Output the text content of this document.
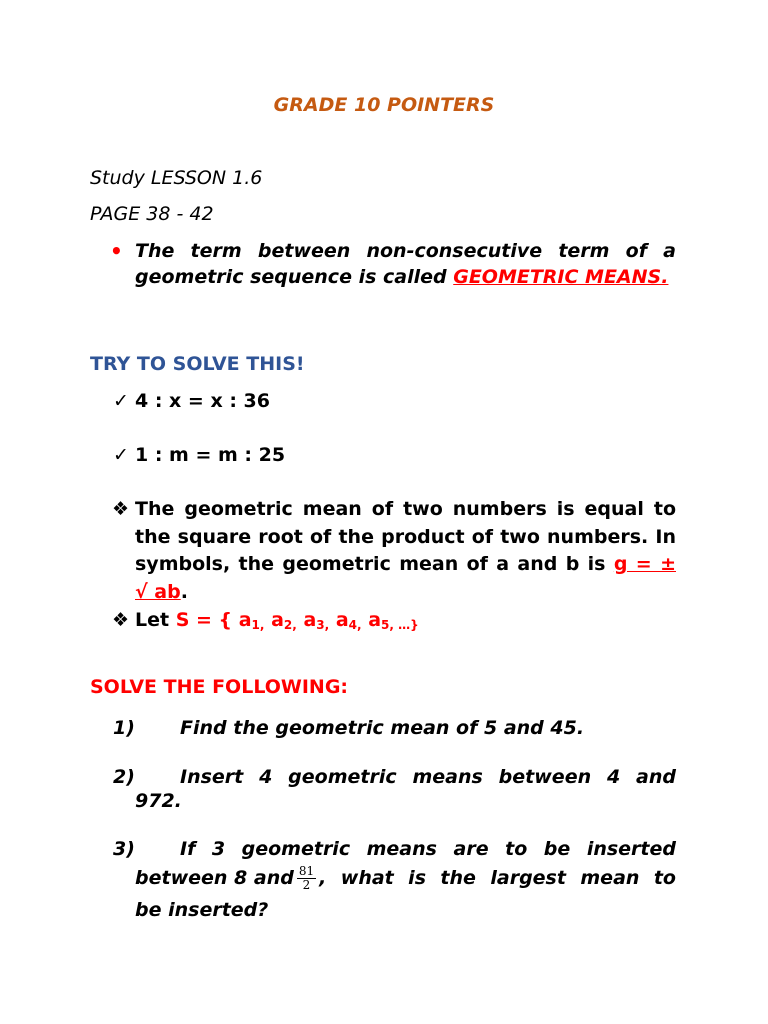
GRADE 10 POINTERS
Study LESSON 1.6
PAGE 38 - 42
• The term between non-consecutive term of a geometric sequence is called GEOMETRIC MEANS.
TRY TO SOLVE THIS!
✓ 4 : x = x : 36
✓ 1 : m = m : 25
❖ The geometric mean of two numbers is equal to the square root of the product of two numbers. In symbols, the geometric mean of a and b is g = ± √ ab.
❖ Let S = { $a_{1,}$ $a_{2,}$ $a_{3,}$ $a_{4,}$ $a_{5, \dots\}}$
SOLVE THE FOLLOWING:
1) Find the geometric mean of 5 and 45.
2) Insert 4 geometric means between 4 and
972.
3) If 3 geometric means are to be inserted
between 8 and $\frac{81}{2}$ , what is the largest mean to
be inserted?
